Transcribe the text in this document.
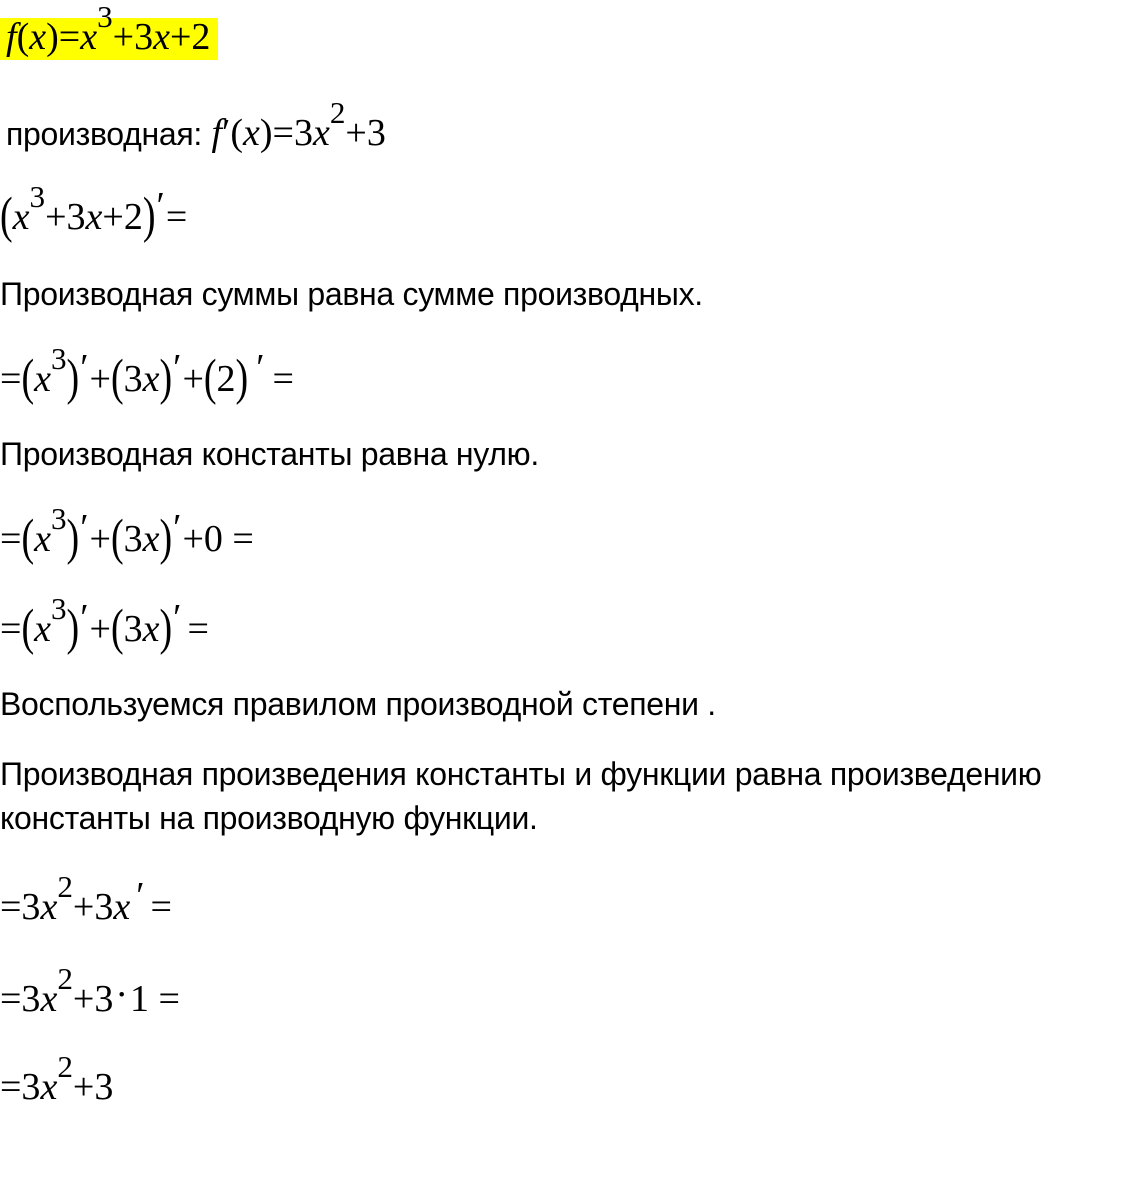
$f(x)=x^3+3x+2$
производная: $f'(x)=3x^2+3$
$(x^3+3x+2)'=$
Производная суммы равна сумме производных.
$=(x^3)'+(3x)'+(2)$ ′ =
Производная константы равна нулю.
$=(x^3)'+(3x)'+0$ =
$=(x^3)'+(3x)'$ =
Воспользуемся правилом производной степени .
Производная произведения константы и функции равна произведению
константы на производную функции.
$=3x^2+3x$ ′ =
$=3x^2+3\cdot 1$ =
$=3x^2+3$
